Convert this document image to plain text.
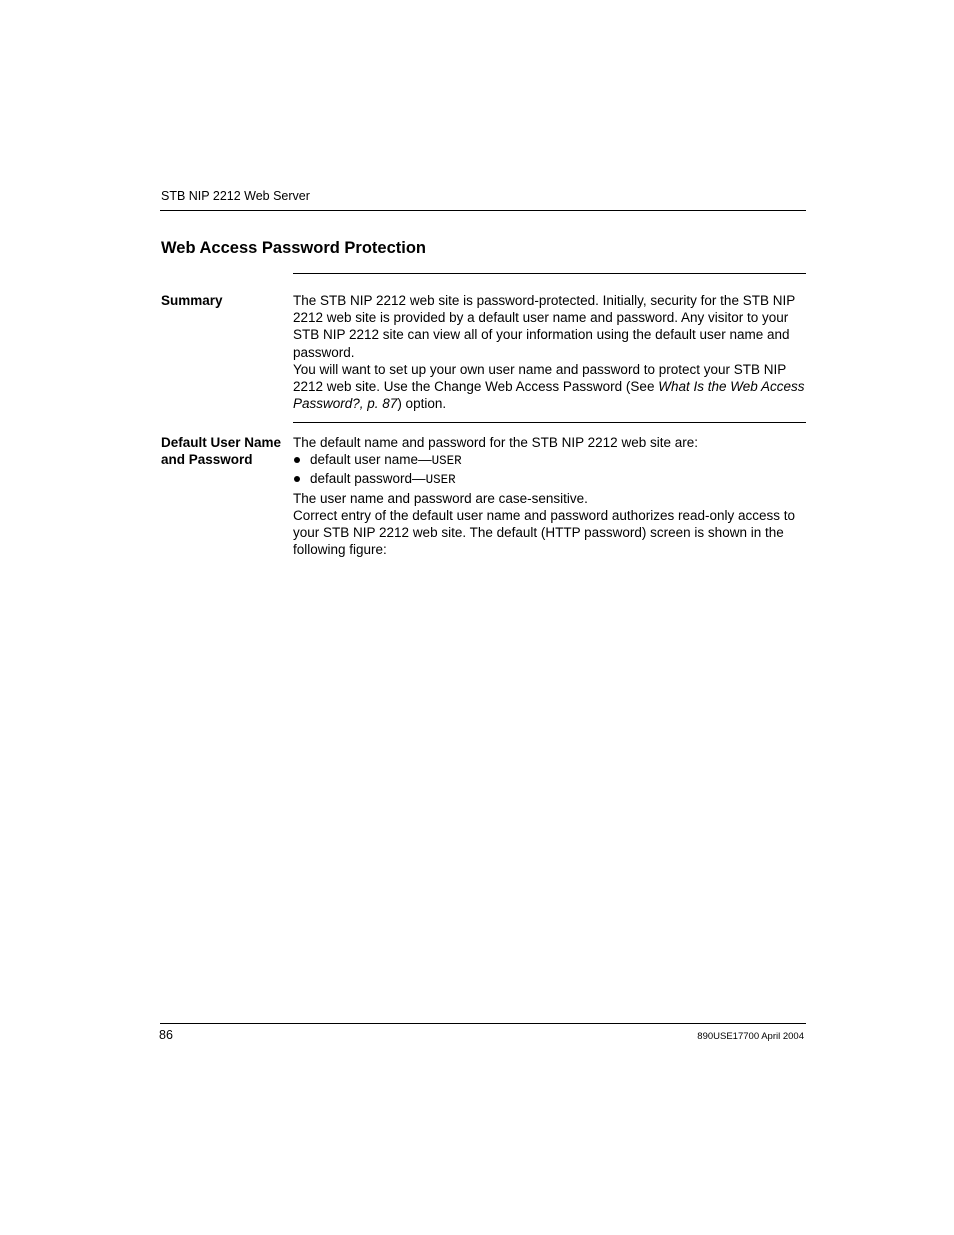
STB NIP 2212 Web Server
Web Access Password Protection
Summary	The STB NIP 2212 web site is password-protected. Initially, security for the STB NIP 2212 web site is provided by a default user name and password. Any visitor to your STB NIP 2212 site can view all of your information using the default user name and password.

You will want to set up your own user name and password to protect your STB NIP 2212 web site. Use the Change Web Access Password (See What Is the Web Access Password?, p. 87) option.

Default User Name and Password

The default name and password for the STB NIP 2212 web site are:

default user name—USER
default password—USER

The user name and password are case-sensitive.

Correct entry of the default user name and password authorizes read-only access to your STB NIP 2212 web site. The default (HTTP password) screen is shown in the following figure:

86	890USE17700 April 2004
